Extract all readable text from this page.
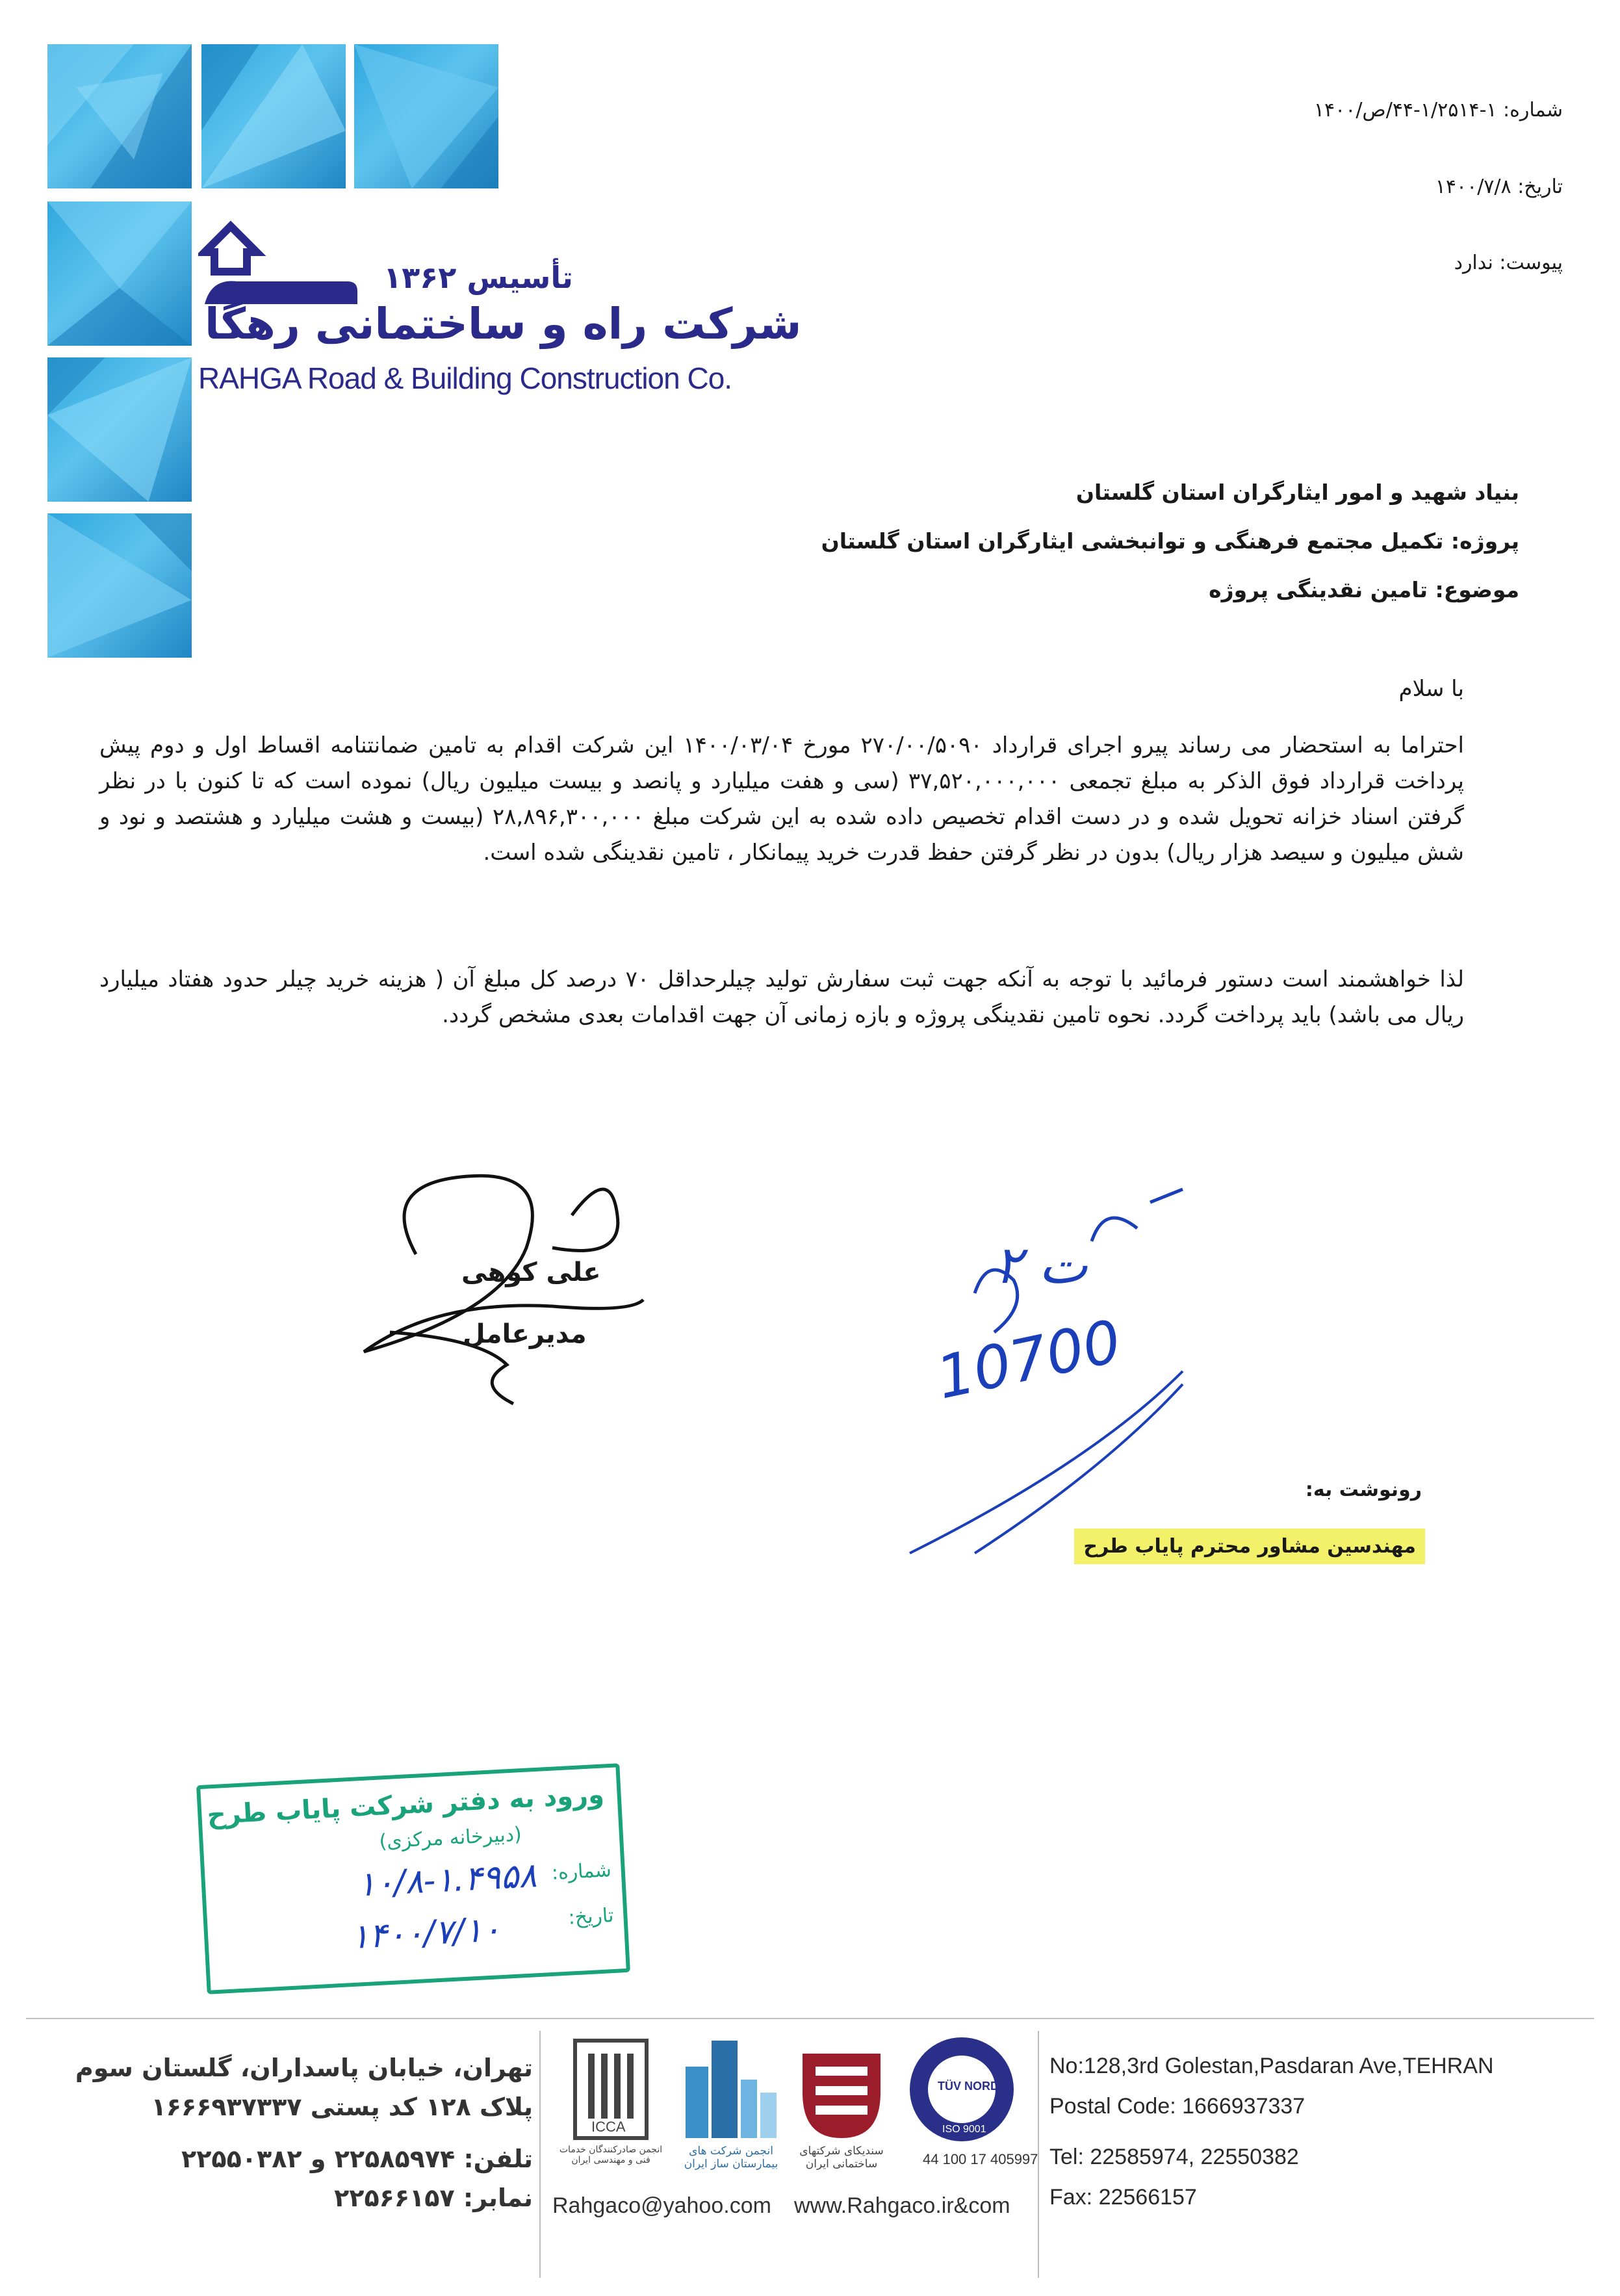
تأسیس ۱۳۶۲
شرکت راه و ساختمانی رهگا
RAHGA Road & Building Construction Co.
شماره: ۱-۱/۲۵۱۴-۴۴/ص/۱۴۰۰
تاریخ: ۱۴۰۰/۷/۸
پیوست: ندارد
بنیاد شهید و امور ایثارگران استان گلستان
پروژه: تکمیل مجتمع فرهنگی و توانبخشی ایثارگران استان گلستان
موضوع: تامین نقدینگی پروژه
با سلام
احتراما به استحضار می رساند پیرو اجرای قرارداد ۲۷۰/۰۰/۵۰۹۰ مورخ ۱۴۰۰/۰۳/۰۴ این شرکت اقدام به تامین ضمانتنامه اقساط اول و دوم پیش پرداخت قرارداد فوق الذکر به مبلغ تجمعی ۳۷,۵۲۰,۰۰۰,۰۰۰ (سی و هفت میلیارد و پانصد و بیست میلیون ریال) نموده است که تا کنون با در نظر گرفتن اسناد خزانه تحویل شده و در دست اقدام تخصیص داده شده به این شرکت مبلغ ۲۸,۸۹۶,۳۰۰,۰۰۰ (بیست و هشت میلیارد و هشتصد و نود و شش میلیون و سیصد هزار ریال) بدون در نظر گرفتن حفظ قدرت خرید پیمانکار ، تامین نقدینگی شده است.
لذا خواهشمند است دستور فرمائید با توجه به آنکه جهت ثبت سفارش تولید چیلرحداقل ۷۰ درصد کل مبلغ آن ( هزینه خرید چیلر حدود هفتاد میلیارد ریال می باشد) باید پرداخت گردد. نحوه تامین نقدینگی پروژه و بازه زمانی آن جهت اقدامات بعدی مشخص گردد.
علی کوهی
مدیرعامل
ت ۲
10700
رونوشت به:
مهندسین مشاور محترم پایاب طرح
ورود به دفتر شرکت پایاب طرح
(دبیرخانه مرکزی)
شماره:
تاریخ:
۱۰/۸-۱.۴۹۵۸
۱۴۰۰/۷/۱۰
تهران، خیابان پاسداران، گلستان سوم
پلاک ۱۲۸ کد پستی ۱۶۶۶۹۳۷۳۳۷
تلفن: ۲۲۵۸۵۹۷۴ و ۲۲۵۵۰۳۸۲
نمابر: ۲۲۵۶۶۱۵۷
ICCA
انجمن صادرکنندگان خدمات فنی و مهندسی ایران
انجمن شرکت های بیمارستان ساز ایران
سندیکای شرکتهای ساختمانی ایران
TÜV NORD
ISO 9001
44 100 17 405997
Rahgaco@yahoo.com www.Rahgaco.ir&com
No:128,3rd Golestan,Pasdaran Ave,TEHRAN
Postal Code: 1666937337
Tel: 22585974, 22550382
Fax: 22566157
